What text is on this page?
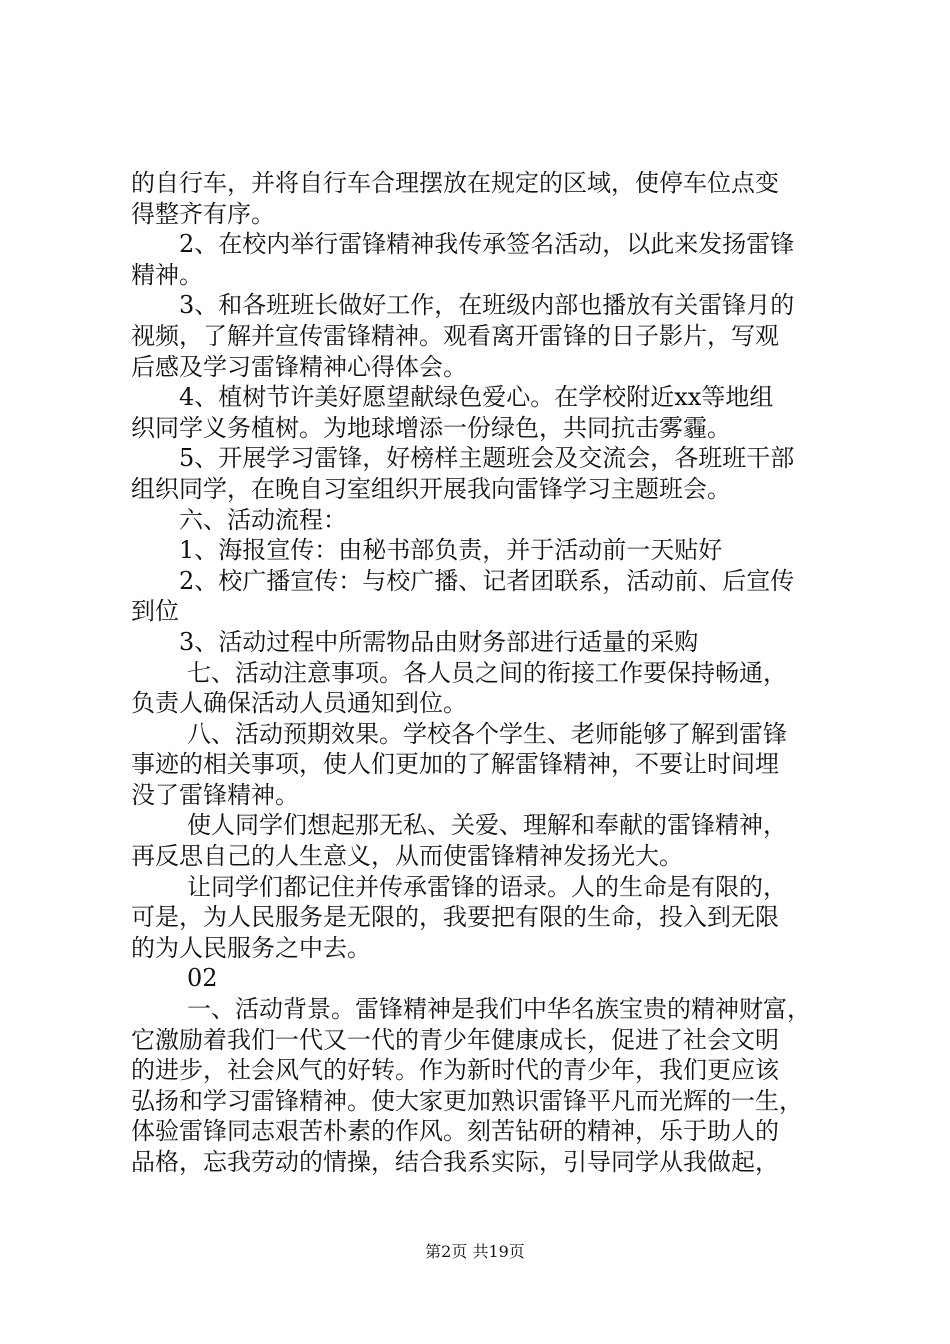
的自行车，并将自行车合理摆放在规定的区域，使停车位点变
得整齐有序。
2、在校内举行雷锋精神我传承签名活动，以此来发扬雷锋
精神。
3、和各班班长做好工作，在班级内部也播放有关雷锋月的
视频，了解并宣传雷锋精神。观看离开雷锋的日子影片，写观
后感及学习雷锋精神心得体会。
4、植树节许美好愿望献绿色爱心。在学校附近xx等地组
织同学义务植树。为地球增添一份绿色，共同抗击雾霾。
5、开展学习雷锋，好榜样主题班会及交流会，各班班干部
组织同学，在晚自习室组织开展我向雷锋学习主题班会。
六、活动流程：
1、海报宣传：由秘书部负责，并于活动前一天贴好
2、校广播宣传：与校广播、记者团联系，活动前、后宣传
到位
3、活动过程中所需物品由财务部进行适量的采购
七、活动注意事项。各人员之间的衔接工作要保持畅通，
负责人确保活动人员通知到位。
八、活动预期效果。学校各个学生、老师能够了解到雷锋
事迹的相关事项，使人们更加的了解雷锋精神，不要让时间埋
没了雷锋精神。
使人同学们想起那无私、关爱、理解和奉献的雷锋精神，
再反思自己的人生意义，从而使雷锋精神发扬光大。
让同学们都记住并传承雷锋的语录。人的生命是有限的，
可是，为人民服务是无限的，我要把有限的生命，投入到无限
的为人民服务之中去。
02
一、活动背景。雷锋精神是我们中华名族宝贵的精神财富，
它激励着我们一代又一代的青少年健康成长，促进了社会文明
的进步，社会风气的好转。作为新时代的青少年，我们更应该
弘扬和学习雷锋精神。使大家更加熟识雷锋平凡而光辉的一生，
体验雷锋同志艰苦朴素的作风。刻苦钻研的精神，乐于助人的
品格，忘我劳动的情操，结合我系实际，引导同学从我做起，
第2页 共19页
